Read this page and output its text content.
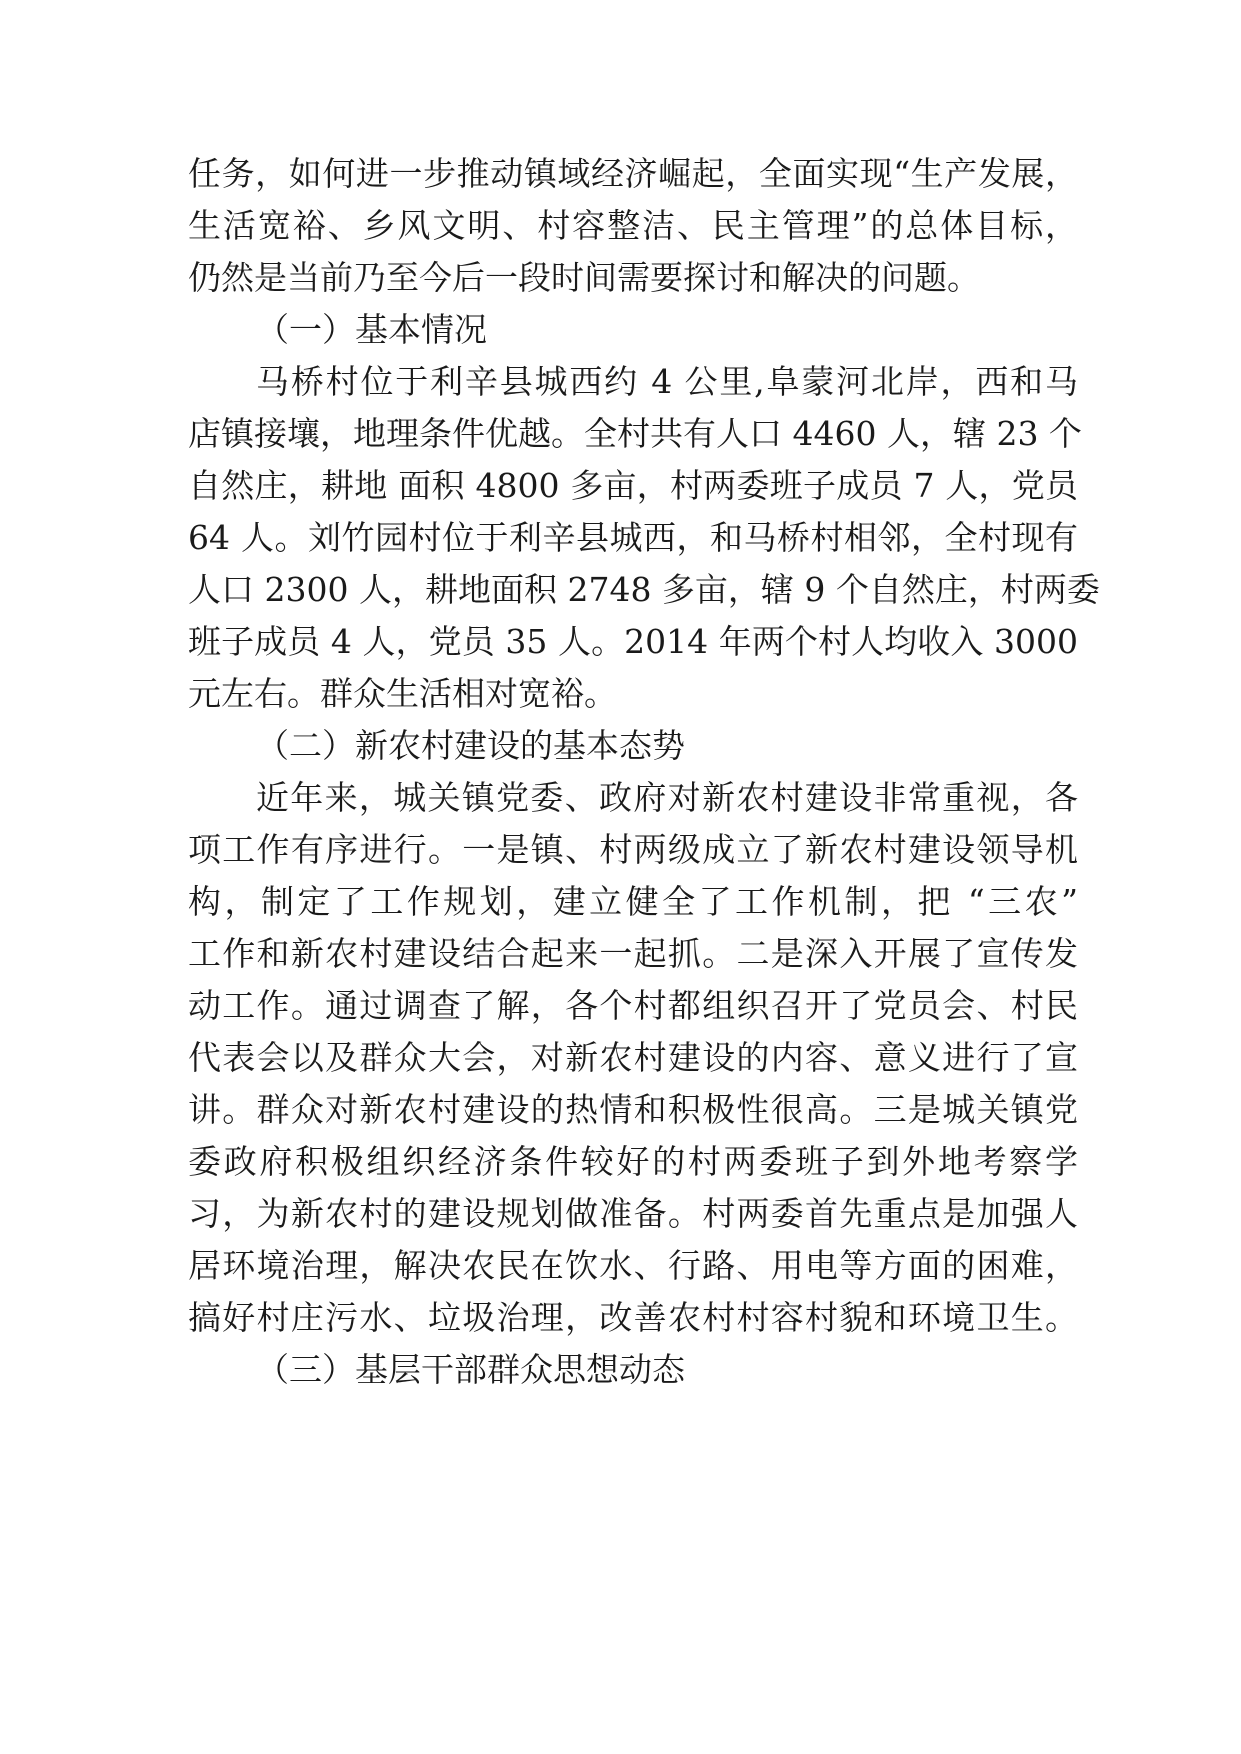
任务，如何进一步推动镇域经济崛起，全面实现“生产发展，
生活宽裕、乡风文明、村容整洁、民主管理”的总体目标，
仍然是当前乃至今后一段时间需要探讨和解决的问题。
（一）基本情况
马桥村位于利辛县城西约 4 公里,阜蒙河北岸，西和马
店镇接壤，地理条件优越。全村共有人口 4460 人，辖 23 个
自然庄，耕地 面积 4800 多亩，村两委班子成员 7 人，党员
64 人。刘竹园村位于利辛县城西，和马桥村相邻，全村现有
人口 2300 人，耕地面积 2748 多亩，辖 9 个自然庄，村两委
班子成员 4 人，党员 35 人。2014 年两个村人均收入 3000
元左右。群众生活相对宽裕。
（二）新农村建设的基本态势
近年来，城关镇党委、政府对新农村建设非常重视，各
项工作有序进行。一是镇、村两级成立了新农村建设领导机
构，制定了工作规划，建立健全了工作机制，把 “三农”
工作和新农村建设结合起来一起抓。二是深入开展了宣传发
动工作。通过调查了解，各个村都组织召开了党员会、村民
代表会以及群众大会，对新农村建设的内容、意义进行了宣
讲。群众对新农村建设的热情和积极性很高。三是城关镇党
委政府积极组织经济条件较好的村两委班子到外地考察学
习，为新农村的建设规划做准备。村两委首先重点是加强人
居环境治理，解决农民在饮水、行路、用电等方面的困难，
搞好村庄污水、垃圾治理，改善农村村容村貌和环境卫生。
（三）基层干部群众思想动态
